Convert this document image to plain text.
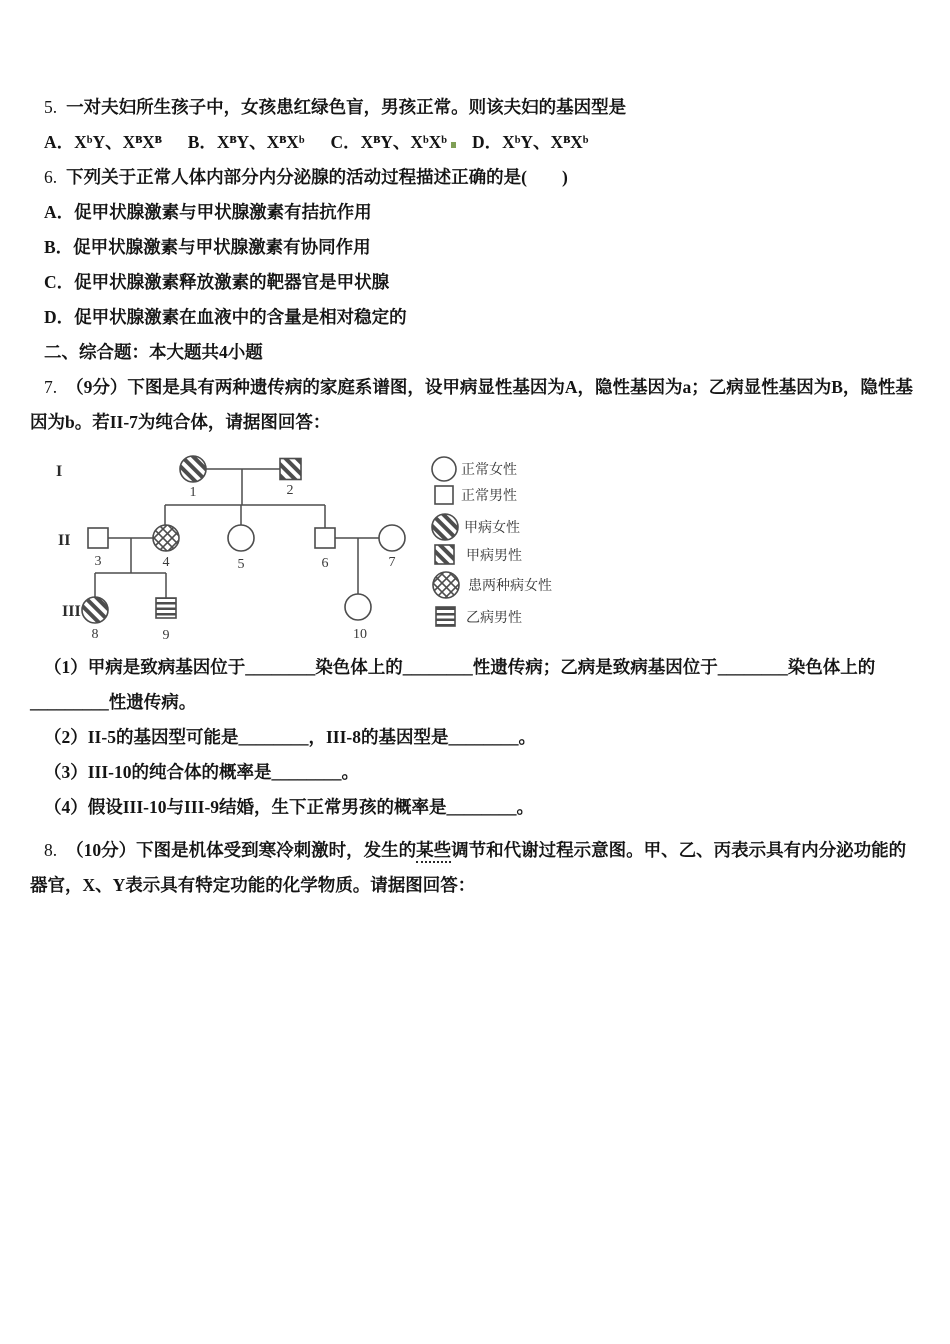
5. 一对夫妇所生孩子中，女孩患红绿色盲，男孩正常。则该夫妇的基因型是

A．XᵇY、XᴮXᴮ B．XᴮY、XᴮXᵇ C．XᴮY、XᵇXᵇ D．XᵇY、XᴮXᵇ

6. 下列关于正常人体内部分内分泌腺的活动过程描述正确的是(　　)

A．促甲状腺激素与甲状腺激素有拮抗作用

B．促甲状腺激素与甲状腺激素有协同作用

C．促甲状腺激素释放激素的靶器官是甲状腺

D．促甲状腺激素在血液中的含量是相对稳定的

二、综合题：本大题共4小题

7. （9分）下图是具有两种遗传病的家庭系谱图，设甲病显性基因为A，隐性基因为a；乙病显性基因为B，隐性基因为b。若II-7为纯合体，请据图回答：

I
1	2
II
3	4	5	6	7
III
8	9	10
正常女性
正常男性
甲病女性
甲病男性
患两种病女性
乙病男性

（1）甲病是致病基因位于________染色体上的________性遗传病；乙病是致病基因位于________染色体上的_________性遗传病。

（2）II-5的基因型可能是________，III-8的基因型是________。

（3）III-10的纯合体的概率是________。

（4）假设III-10与III-9结婚，生下正常男孩的概率是________。

8. （10分）下图是机体受到寒冷刺激时，发生的某些调节和代谢过程示意图。甲、乙、丙表示具有内分泌功能的器官，X、Y表示具有特定功能的化学物质。请据图回答：
